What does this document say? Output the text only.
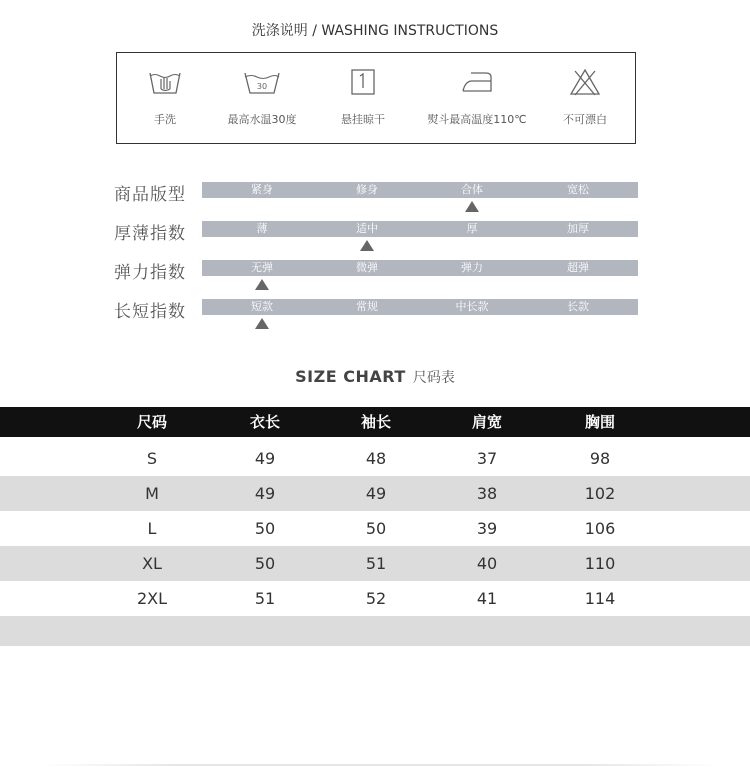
洗涤说明 / WASHING INSTRUCTIONS
手洗
30
最高水温30度	悬挂晾干	熨斗最高温度110℃	不可漂白
商品版型	紧身	修身	合体	宽松
厚薄指数	薄	适中	厚	加厚
弹力指数	无弹	微弹	弹力	超弹
长短指数	短款	常规	中长款	长款
SIZE CHART 尺码表
尺码	衣长	袖长	肩宽	胸围
S	49	48	37	98
M	49	49	38	102
L	50	50	39	106
XL	50	51	40	110
2XL	51	52	41	114
